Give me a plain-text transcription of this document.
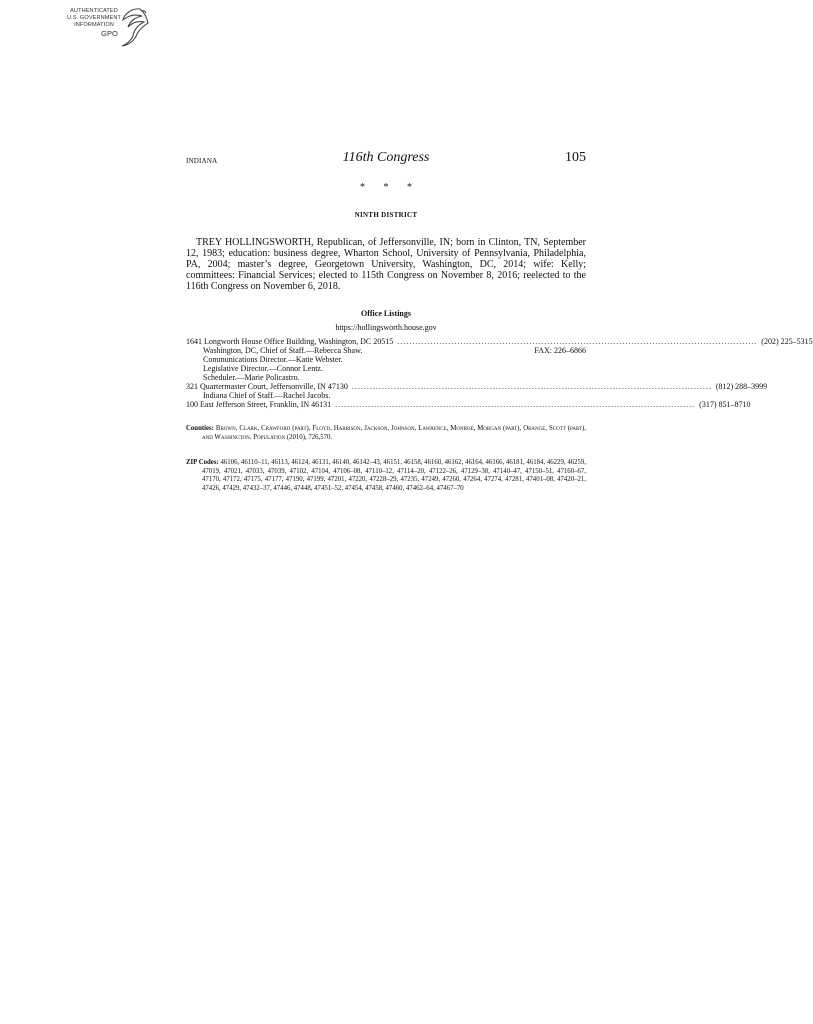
AUTHENTICATED
U.S. GOVERNMENT
INFORMATION
GPO
INDIANA	116th Congress	105
* * *
NINTH DISTRICT
TREY HOLLINGSWORTH, Republican, of Jeffersonville, IN; born in Clinton, TN, September 12, 1983; education: business degree, Wharton School, University of Pennsylvania, Philadelphia, PA, 2004; master’s degree, Georgetown University, Washington, DC, 2014; wife: Kelly; committees: Financial Services; elected to 115th Congress on November 8, 2016; reelected to the 116th Congress on November 6, 2018.
Office Listings
https://hollingsworth.house.gov
1641 Longworth House Office Building, Washington, DC 20515 ........................................................................................................................ (202) 225–5315
Washington, DC, Chief of Staff.—Rebecca Shaw.	FAX: 226–6866
Communications Director.—Katie Webster.
Legislative Director.—Connor Lentz.
Scheduler.—Marie Policastro.
321 Quartermaster Court, Jeffersonville, IN 47130 ........................................................................................................................ (812) 288–3999
Indiana Chief of Staff.—Rachel Jacobs.
100 East Jefferson Street, Franklin, IN 46131 ........................................................................................................................ (317) 851–8710
Counties: Brown, Clark, Crawford (part), Floyd, Harrison, Jackson, Johnson, Lawrence, Monroe, Morgan (part), Orange, Scott (part), and Washington. Population (2010), 726,570.
ZIP Codes: 46106, 46110–11, 46113, 46124, 46131, 46140, 46142–43, 46151, 46158, 46160, 46162, 46164, 46166, 46181, 46184, 46229, 46259, 47019, 47021, 47033, 47039, 47102, 47104, 47106–08, 47110–12, 47114–20, 47122–26, 47129–38, 47140–47, 47150–51, 47160–67, 47170, 47172, 47175, 47177, 47190, 47199, 47201, 47220, 47228–29, 47235, 47249, 47260, 47264, 47274, 47281, 47401–08, 47420–21, 47426, 47429, 47432–37, 47446, 47448, 47451–52, 47454, 47458, 47460, 47462–64, 47467–70
